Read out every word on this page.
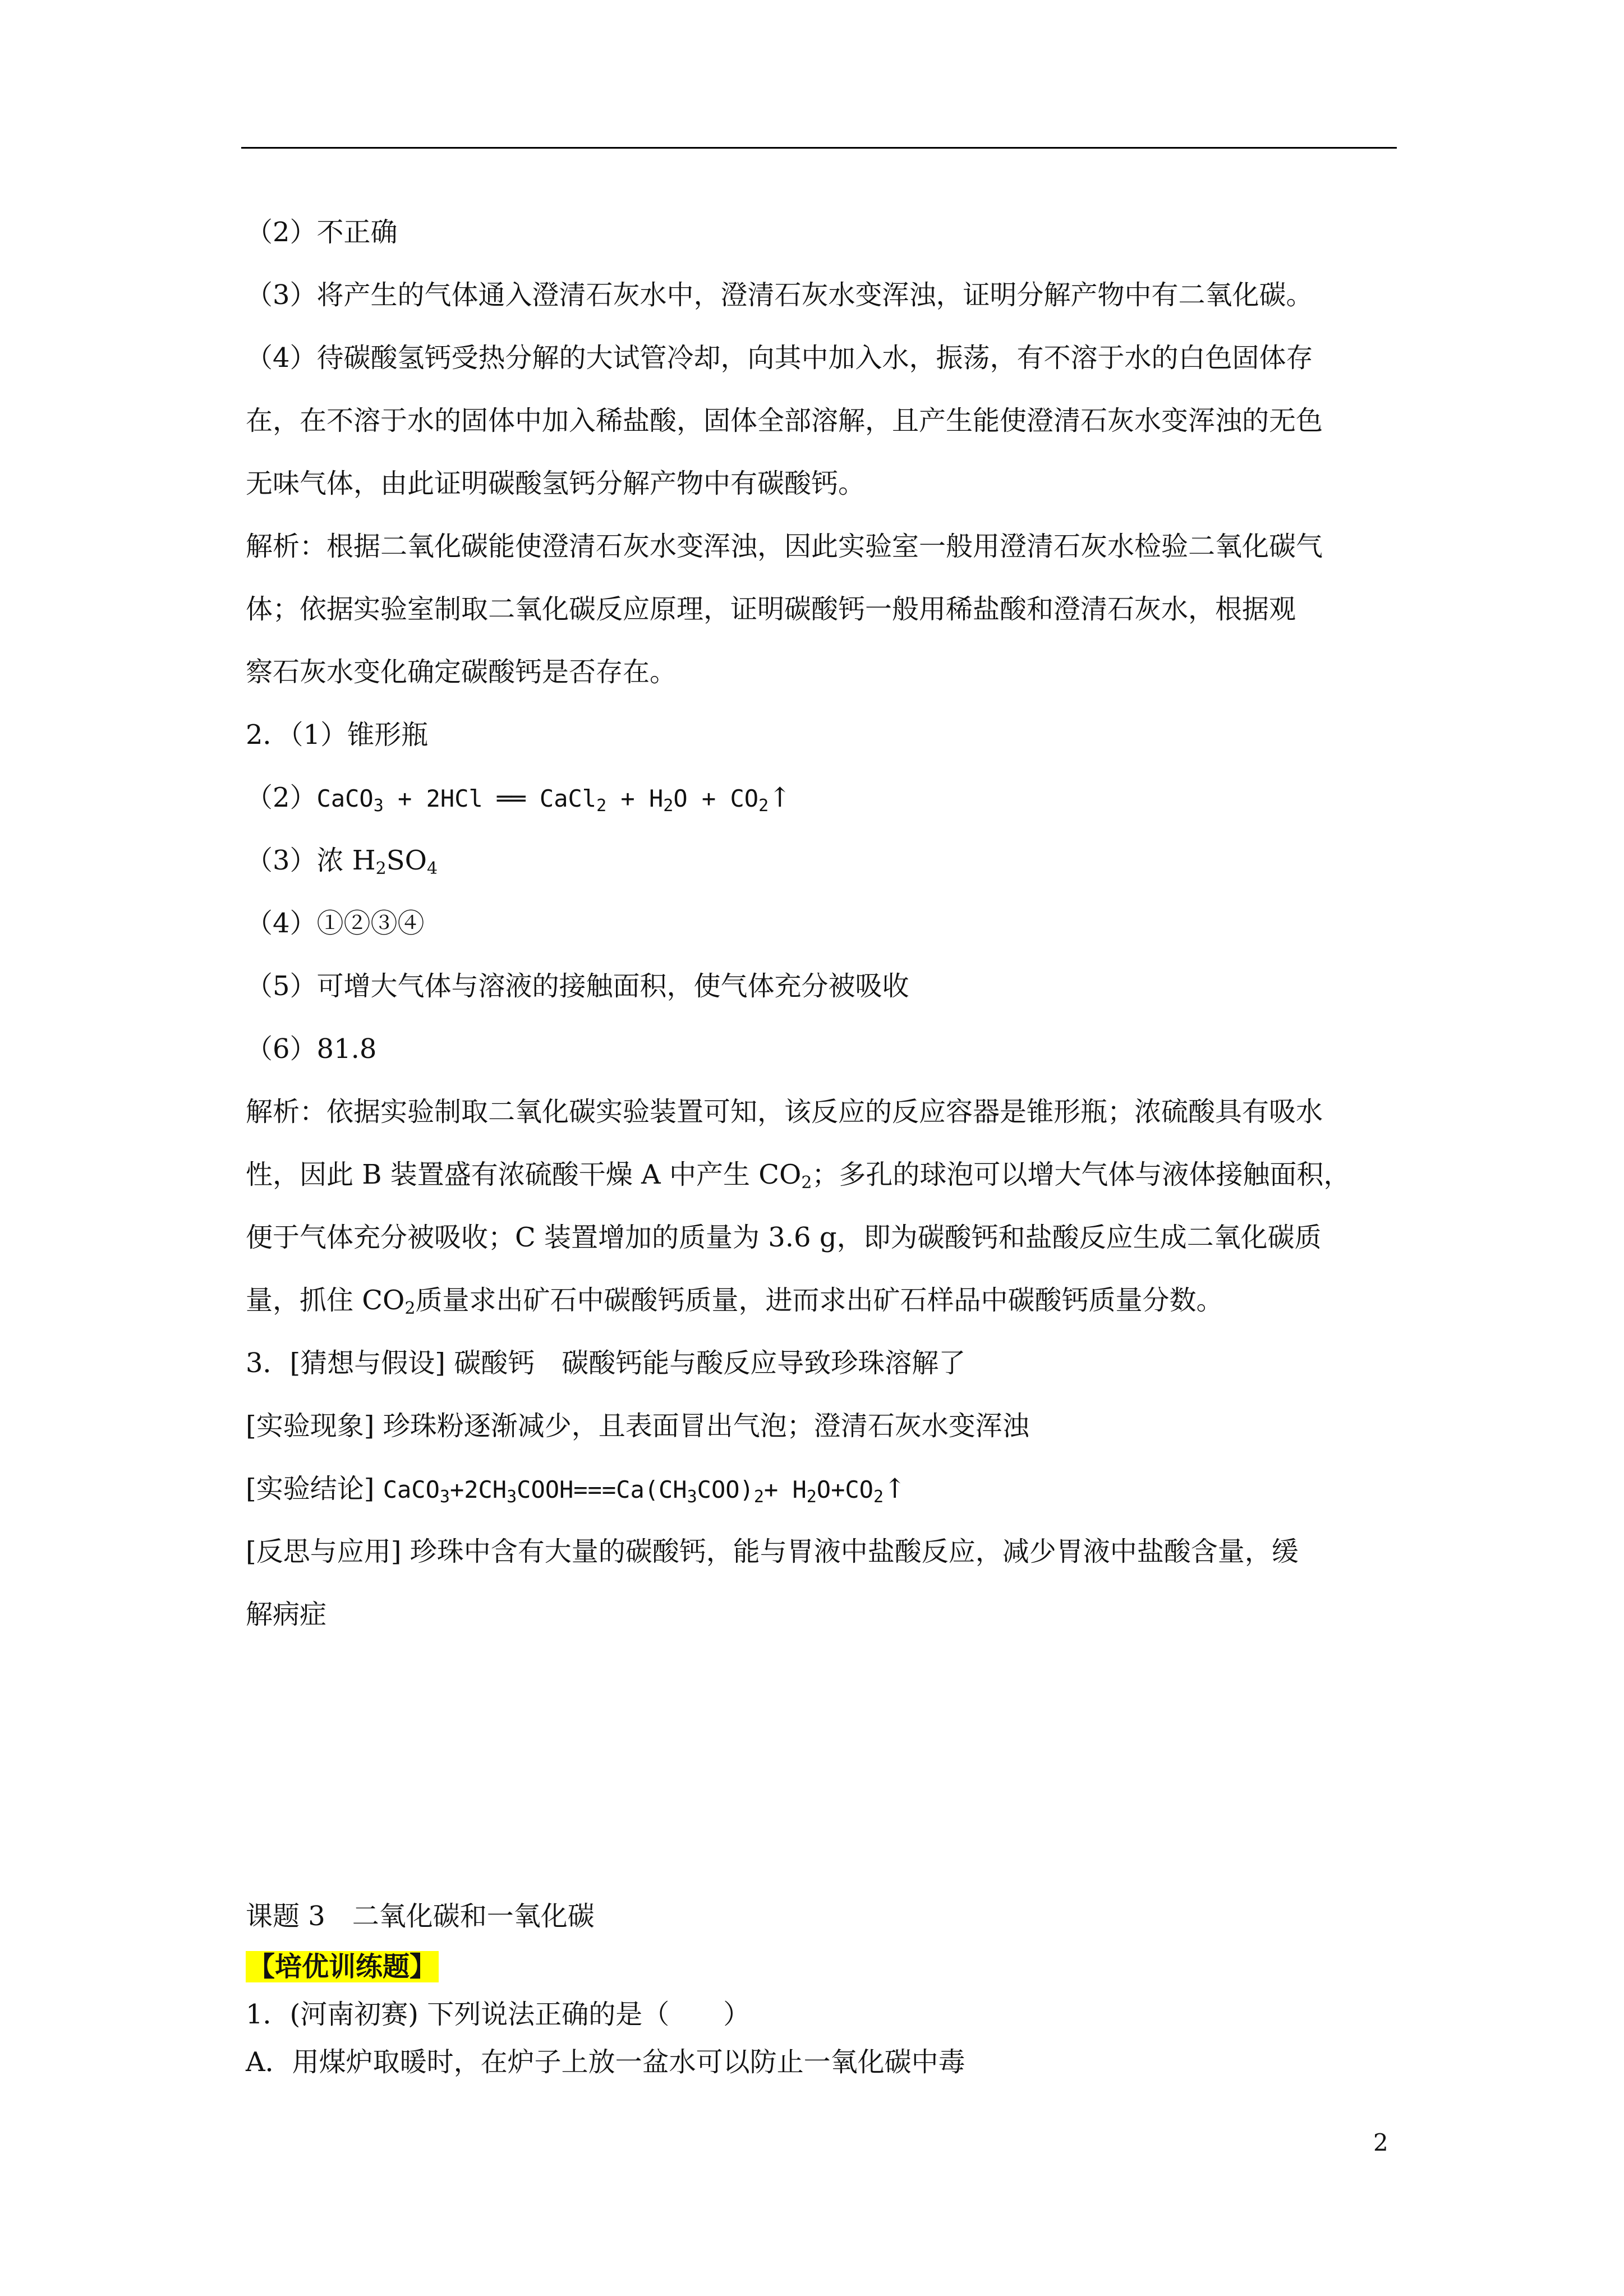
（2）不正确
（3）将产生的气体通入澄清石灰水中，澄清石灰水变浑浊，证明分解产物中有二氧化碳。
（4）待碳酸氢钙受热分解的大试管冷却，向其中加入水，振荡，有不溶于水的白色固体存
在，在不溶于水的固体中加入稀盐酸，固体全部溶解，且产生能使澄清石灰水变浑浊的无色
无味气体，由此证明碳酸氢钙分解产物中有碳酸钙。
解析：根据二氧化碳能使澄清石灰水变浑浊，因此实验室一般用澄清石灰水检验二氧化碳气
体；依据实验室制取二氧化碳反应原理，证明碳酸钙一般用稀盐酸和澄清石灰水，根据观
察石灰水变化确定碳酸钙是否存在。
2．（1）锥形瓶
（2）CaCO$_3$ + 2HCl ══ CaCl$_2$ + $H_2O$ + $CO_2↑$
（3）浓 $H_2SO_4$
（4）①②③④
（5）可增大气体与溶液的接触面积，使气体充分被吸收
（6）81.8
解析：依据实验制取二氧化碳实验装置可知，该反应的反应容器是锥形瓶；浓硫酸具有吸水
性，因此 B 装置盛有浓硫酸干燥 A 中产生 $CO_2$；多孔的球泡可以增大气体与液体接触面积，
便于气体充分被吸收；C 装置增加的质量为 3.6 g，即为碳酸钙和盐酸反应生成二氧化碳质
量，抓住 $CO_2$质量求出矿石中碳酸钙质量，进而求出矿石样品中碳酸钙质量分数。
3．[猜想与假设] 碳酸钙　碳酸钙能与酸反应导致珍珠溶解了
[实验现象] 珍珠粉逐渐减少，且表面冒出气泡；澄清石灰水变浑浊
[实验结论] $CaCO_3+2CH_3COOH===Ca(CH_3COO)_2+$ $H_2O+CO_2↑$
[反思与应用] 珍珠中含有大量的碳酸钙，能与胃液中盐酸反应，减少胃液中盐酸含量，缓
解病症
课题 3　二氧化碳和一氧化碳
【培优训练题】
1．(河南初赛) 下列说法正确的是（　　）
A．用煤炉取暖时，在炉子上放一盆水可以防止一氧化碳中毒
2
